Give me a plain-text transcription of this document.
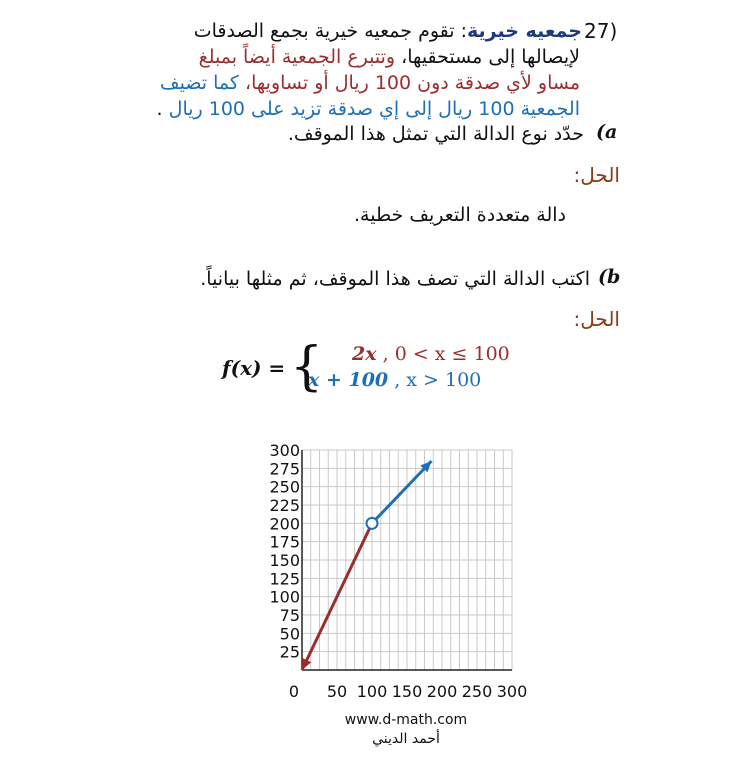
27)
جمعيه خيرية: تقوم جمعيه خيرية بجمع الصدقات
لإيصالها إلى مستحقيها، وتتبرع الجمعية أيضاً بمبلغ
مساو لأي صدقة دون 100 ريال أو تساويها، كما تضيف
الجمعية 100 ريال إلى إي صدقة تزيد على 100 ريال .
a)
حدّد نوع الدالة التي تمثل هذا الموقف.
الحل:
دالة متعددة التعريف خطية.
b)
اكتب الدالة التي تصف هذا الموقف، ثم مثلها بيانياً.
الحل:
f(x) = { 2x , 0 < x ≤ 100
x + 100 , x > 100
0 50 100 150 200 250 300
25
50
75
100
125
150
175
200
225
250
275
300
www.d-math.com
أحمد الديني
